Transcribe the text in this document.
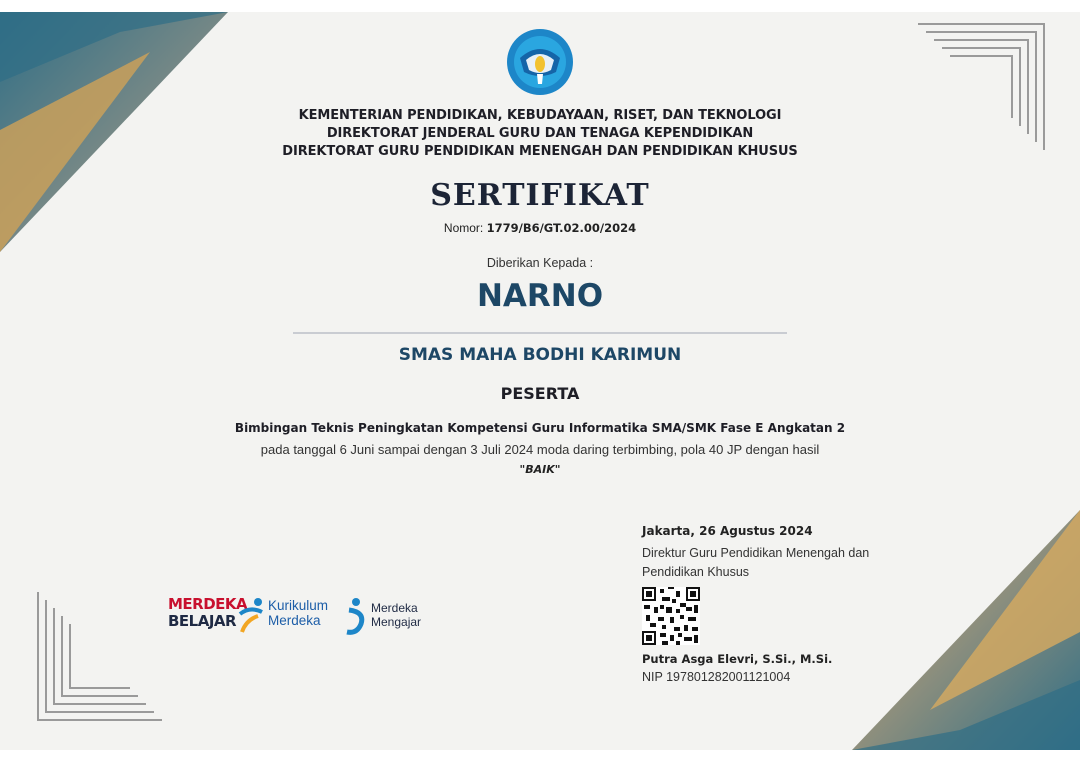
KEMENTERIAN PENDIDIKAN, KEBUDAYAAN, RISET, DAN TEKNOLOGI
DIREKTORAT JENDERAL GURU DAN TENAGA KEPENDIDIKAN
DIREKTORAT GURU PENDIDIKAN MENENGAH DAN PENDIDIKAN KHUSUS
SERTIFIKAT
Nomor: 1779/B6/GT.02.00/2024
Diberikan Kepada :
NARNO
SMAS MAHA BODHI KARIMUN
PESERTA
Bimbingan Teknis Peningkatan Kompetensi Guru Informatika SMA/SMK Fase E Angkatan 2
pada tanggal 6 Juni sampai dengan 3 Juli 2024 moda daring terbimbing, pola 40 JP dengan hasil
"BAIK"
MERDEKA
BELAJAR
Kurikulum
Merdeka
Merdeka
Mengajar
Jakarta, 26 Agustus 2024
Direktur Guru Pendidikan Menengah dan
Pendidikan Khusus
Putra Asga Elevri, S.Si., M.Si.
NIP 197801282001121004
